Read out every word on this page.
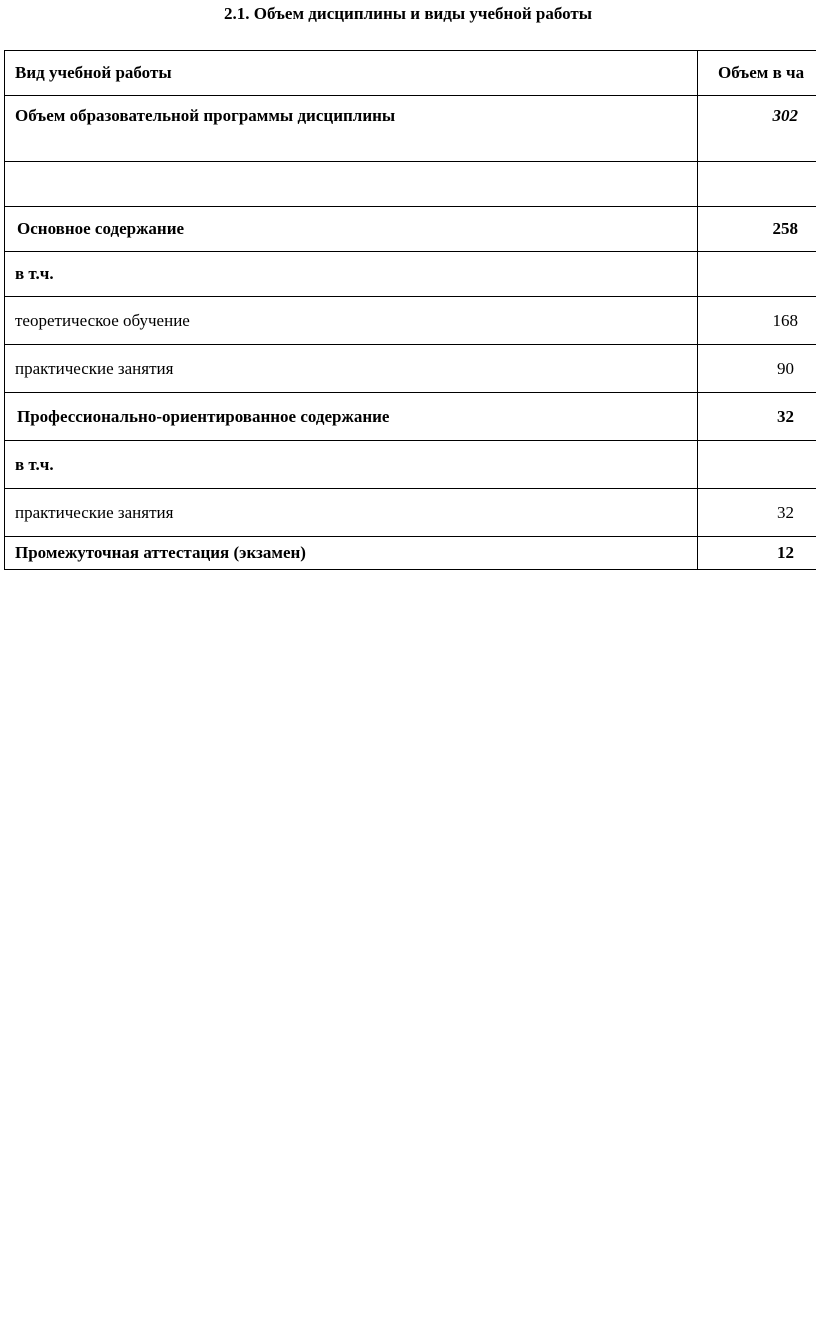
2.1. Объем дисциплины и виды учебной работы
Вид учебной работы	Объем в ча
Объем образовательной программы дисциплины	302

Основное содержание	258
в т.ч.	
теоретическое обучение	168
практические занятия	90
Профессионально-ориентированное содержание	32
в т.ч.	
практические занятия	32
Промежуточная аттестация (экзамен)	12
